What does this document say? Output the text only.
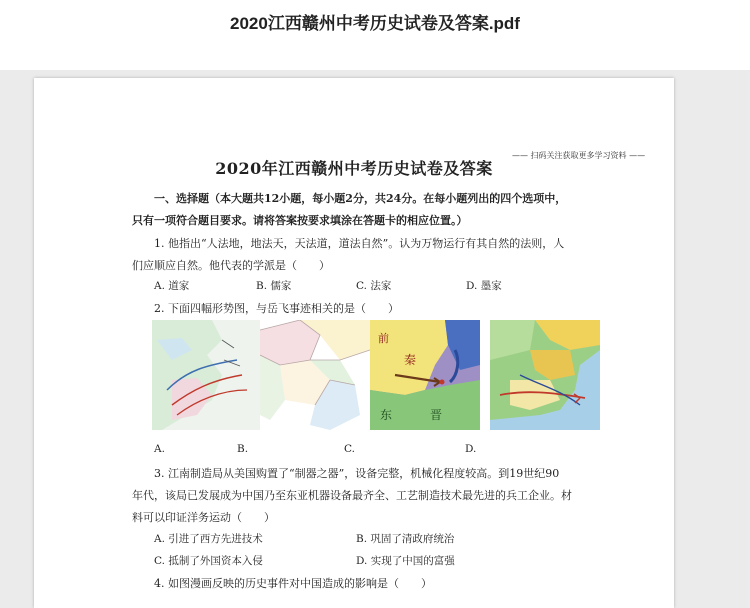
2020江西赣州中考历史试卷及答案.pdf
—— 扫码关注获取更多学习资料 ——
2020年江西赣州中考历史试卷及答案
一、选择题（本大题共12小题，每小题2分，共24分。在每小题列出的四个选项中，
只有一项符合题目要求。请将答案按要求填涂在答题卡的相应位置。）
1. 他指出“人法地，地法天，天法道，道法自然”。认为万物运行有其自然的法则，人
们应顺应自然。他代表的学派是（　　）
A. 道家	B. 儒家	C. 法家	D. 墨家
2. 下面四幅形势图，与岳飞事迹相关的是（　　）
前
秦
东	晋
A.	B.	C.	D.
3. 江南制造局从美国购置了“制器之器”，设备完整，机械化程度较高。到19世纪90
年代，该局已发展成为中国乃至东亚机器设备最齐全、工艺制造技术最先进的兵工企业。材
料可以印证洋务运动（　　）
A. 引进了西方先进技术	B. 巩固了清政府统治
C. 抵制了外国资本入侵	D. 实现了中国的富强
4. 如图漫画反映的历史事件对中国造成的影响是（　　）
